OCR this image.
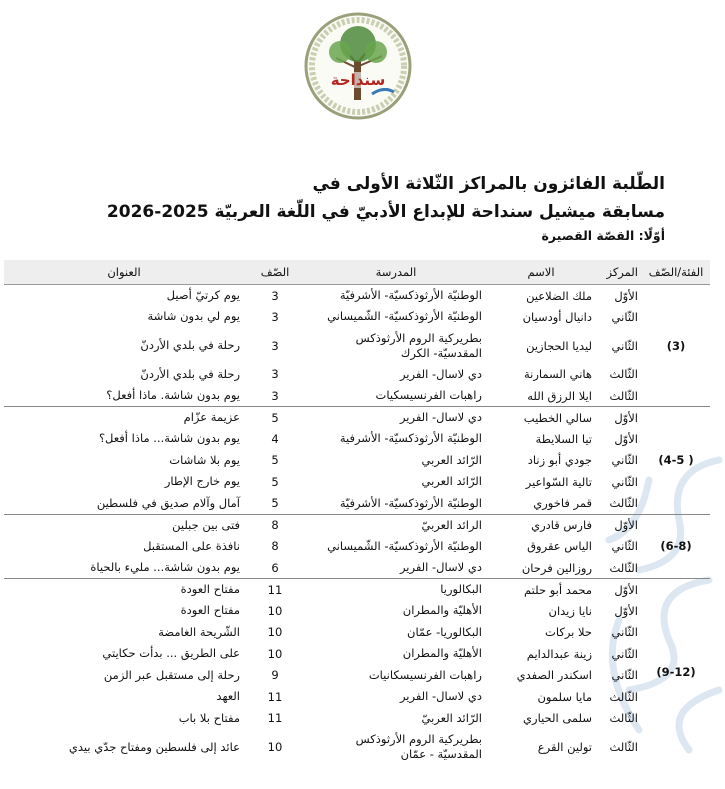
سنداحة

الطّلبة الفائزون بالمراكز الثّلاثة الأولى في

مسابقة ميشيل سنداحة للإبداع الأدبيّ في اللّغة العربيّة 2025-2026

أوّلًا: القصّة القصيرة

الفئة/الصّف	المركز	الاسم	المدرسة	الصّف	العنوان
(3)	الأوّل	ملك الضلاعين	الوطنيّة الأرثوذكسيّة- الأشرفيّة	3	يوم كرتيّ أصيل
	الثّاني	دانيال أودسيان	الوطنيّة الأرثوذكسيّة- الشّميساني	3	يوم لي بدون شاشة
	الثّاني	ليديا الحجازين	بطريركية الروم الأرثوذكس المقدسيّة- الكرك	3	رحلة في بلدي الأردنّ
	الثّالث	هاني السمارنة	دي لاسال- الفرير	3	رحلة في بلدي الأردنّ
	الثّالث	ايلا الرزق الله	راهبات الفرنسيسكيات	3	يوم بدون شاشة. ماذا أفعل؟
( 4-5)	الأوّل	سالي الخطيب	دي لاسال- الفرير	5	عزيمة عزّام
	الأوّل	تيا السلايطة	الوطنيّة الأرثوذكسيّة- الأشرفية	4	يوم بدون شاشة... ماذا أفعل؟
	الثّاني	جودي أبو زناد	الرّائد العربي	5	يوم بلا شاشات
	الثّاني	تالية السّواعير	الرّائد العربي	5	يوم خارج الإطار
	الثّالث	قمر فاخوري	الوطنيّة الأرثوذكسيّة- الأشرفيّة	5	آمال وآلام صديق في فلسطين
(6-8)	الأوّل	فارس قادري	الرائد العربيّ	8	فتى بين جبلين
	الثّاني	الياس عقروق	الوطنيّة الأرثوذكسيّة- الشّميساني	8	نافذة على المستقبل
	الثّالث	روزالين فرحان	دي لاسال- الفرير	6	يوم بدون شاشة... مليء بالحياة
(9-12)	الأوّل	محمد أبو حلتم	البكالوريا	11	مفتاح العودة
	الأوّل	نايا زيدان	الأهليّة والمطران	10	مفتاح العودة
	الثّاني	حلا بركات	البكالوريا- عمّان	10	الشّريحة الغامضة
	الثّاني	زينة عبدالدايم	الأهليّة والمطران	10	على الطريق ... بدأت حكايتي
	الثّاني	اسكندر الصفدي	راهبات الفرنسيسكانيات	9	رحلة إلى مستقبل عبر الزمن
	الثّالث	مايا سلمون	دي لاسال- الفرير	11	العهد
	الثّالث	سلمى الحياري	الرّائد العربيّ	11	مفتاح بلا باب
	الثّالث	تولين القرع	بطريركية الروم الأرثوذكس المقدسيّة - عمّان	10	عائد إلى فلسطين ومفتاح جدّي بيدي
